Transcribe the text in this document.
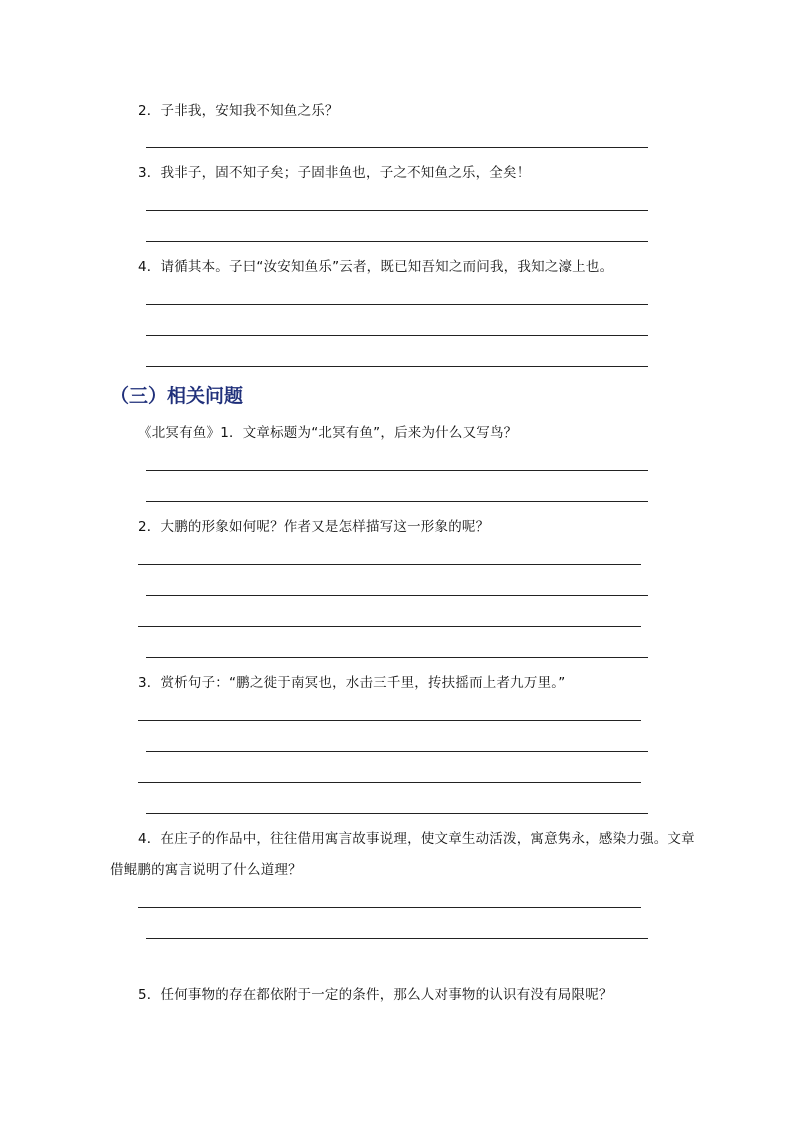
2．子非我，安知我不知鱼之乐？
3．我非子，固不知子矣；子固非鱼也，子之不知鱼之乐，全矣！
4．请循其本。子曰“汝安知鱼乐”云者，既已知吾知之而问我，我知之濠上也。
（三）相关问题
《北冥有鱼》1．文章标题为“北冥有鱼”，后来为什么又写鸟？
2．大鹏的形象如何呢？作者又是怎样描写这一形象的呢？
3．赏析句子：“鹏之徙于南冥也，水击三千里，抟扶摇而上者九万里。”
4．在庄子的作品中，往往借用寓言故事说理，使文章生动活泼，寓意隽永，感染力强。文章
借鲲鹏的寓言说明了什么道理？
5．任何事物的存在都依附于一定的条件，那么人对事物的认识有没有局限呢？
